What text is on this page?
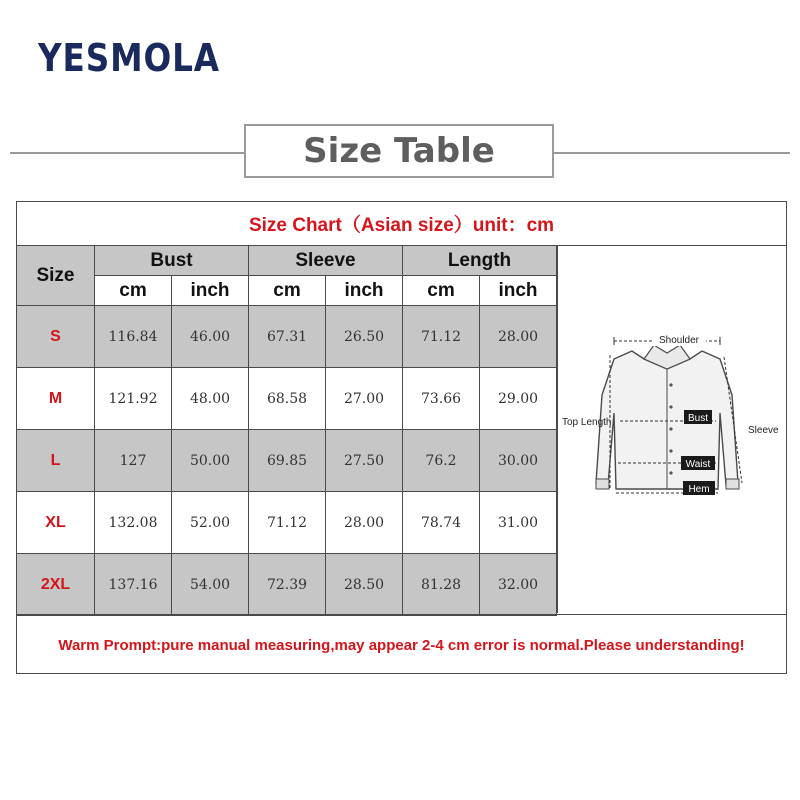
YESMOLA
Size Table
Size Chart（Asian size）unit：cm
Size	Bust		Sleeve		Length	
	cm	inch	cm	inch	cm	inch
S	116.84	46.00	67.31	26.50	71.12	28.00
M	121.92	48.00	68.58	27.00	73.66	29.00
L	127	50.00	69.85	27.50	76.2	30.00
XL	132.08	52.00	71.12	28.00	78.74	31.00
2XL	137.16	54.00	72.39	28.50	81.28	32.00
Shoulder
Top Length
Sleeve
Bust
Waist
Hem
Warm Prompt:pure manual measuring,may appear 2-4 cm error is normal.Please understanding!
